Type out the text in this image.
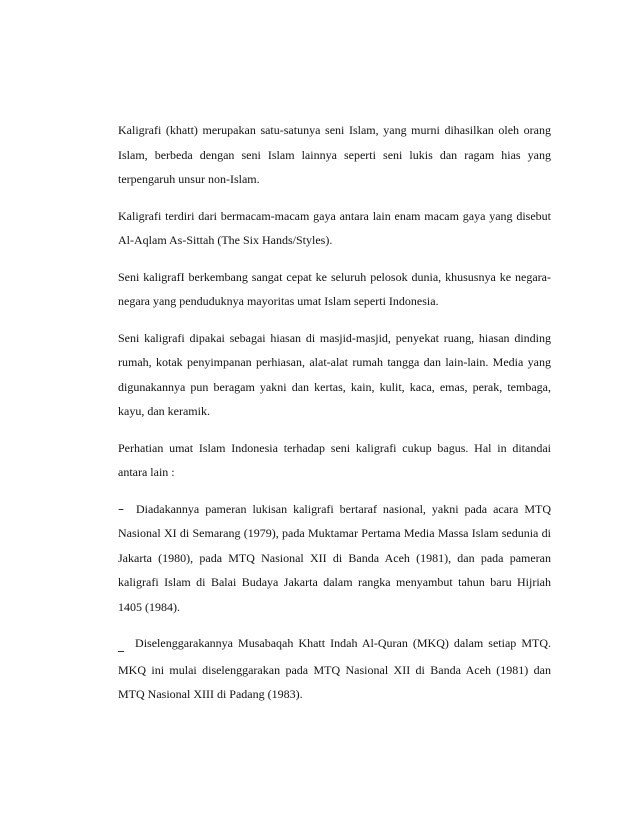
Kaligrafi (khatt) merupakan satu-satunya seni Islam, yang murni dihasilkan oleh orang Islam, berbeda dengan seni Islam lainnya seperti seni lukis dan ragam hias yang terpengaruh unsur non-Islam.

Kaligrafi terdiri dari bermacam-macam gaya antara lain enam macam gaya yang disebut Al-Aqlam As-Sittah (The Six Hands/Styles).

Seni kaligrafI berkembang sangat cepat ke seluruh pelosok dunia, khususnya ke negara-negara yang penduduknya mayoritas umat Islam seperti Indonesia.

Seni kaligrafi dipakai sebagai hiasan di masjid-masjid, penyekat ruang, hiasan dinding rumah, kotak penyimpanan perhiasan, alat-alat rumah tangga dan lain-lain. Media yang digunakannya pun beragam yakni dan kertas, kain, kulit, kaca, emas, perak, tembaga, kayu, dan keramik.

Perhatian umat Islam Indonesia terhadap seni kaligrafi cukup bagus. Hal in ditandai antara lain :

– Diadakannya pameran lukisan kaligrafi bertaraf nasional, yakni pada acara MTQ Nasional XI di Semarang (1979), pada Muktamar Pertama Media Massa Islam sedunia di Jakarta (1980), pada MTQ Nasional XII di Banda Aceh (1981), dan pada pameran kaligrafi Islam di Balai Budaya Jakarta dalam rangka menyambut tahun baru Hijriah 1405 (1984).

_ Diselenggarakannya Musabaqah Khatt Indah Al-Quran (MKQ) dalam setiap MTQ. MKQ ini mulai diselenggarakan pada MTQ Nasional XII di Banda Aceh (1981) dan MTQ Nasional XIII di Padang (1983).
